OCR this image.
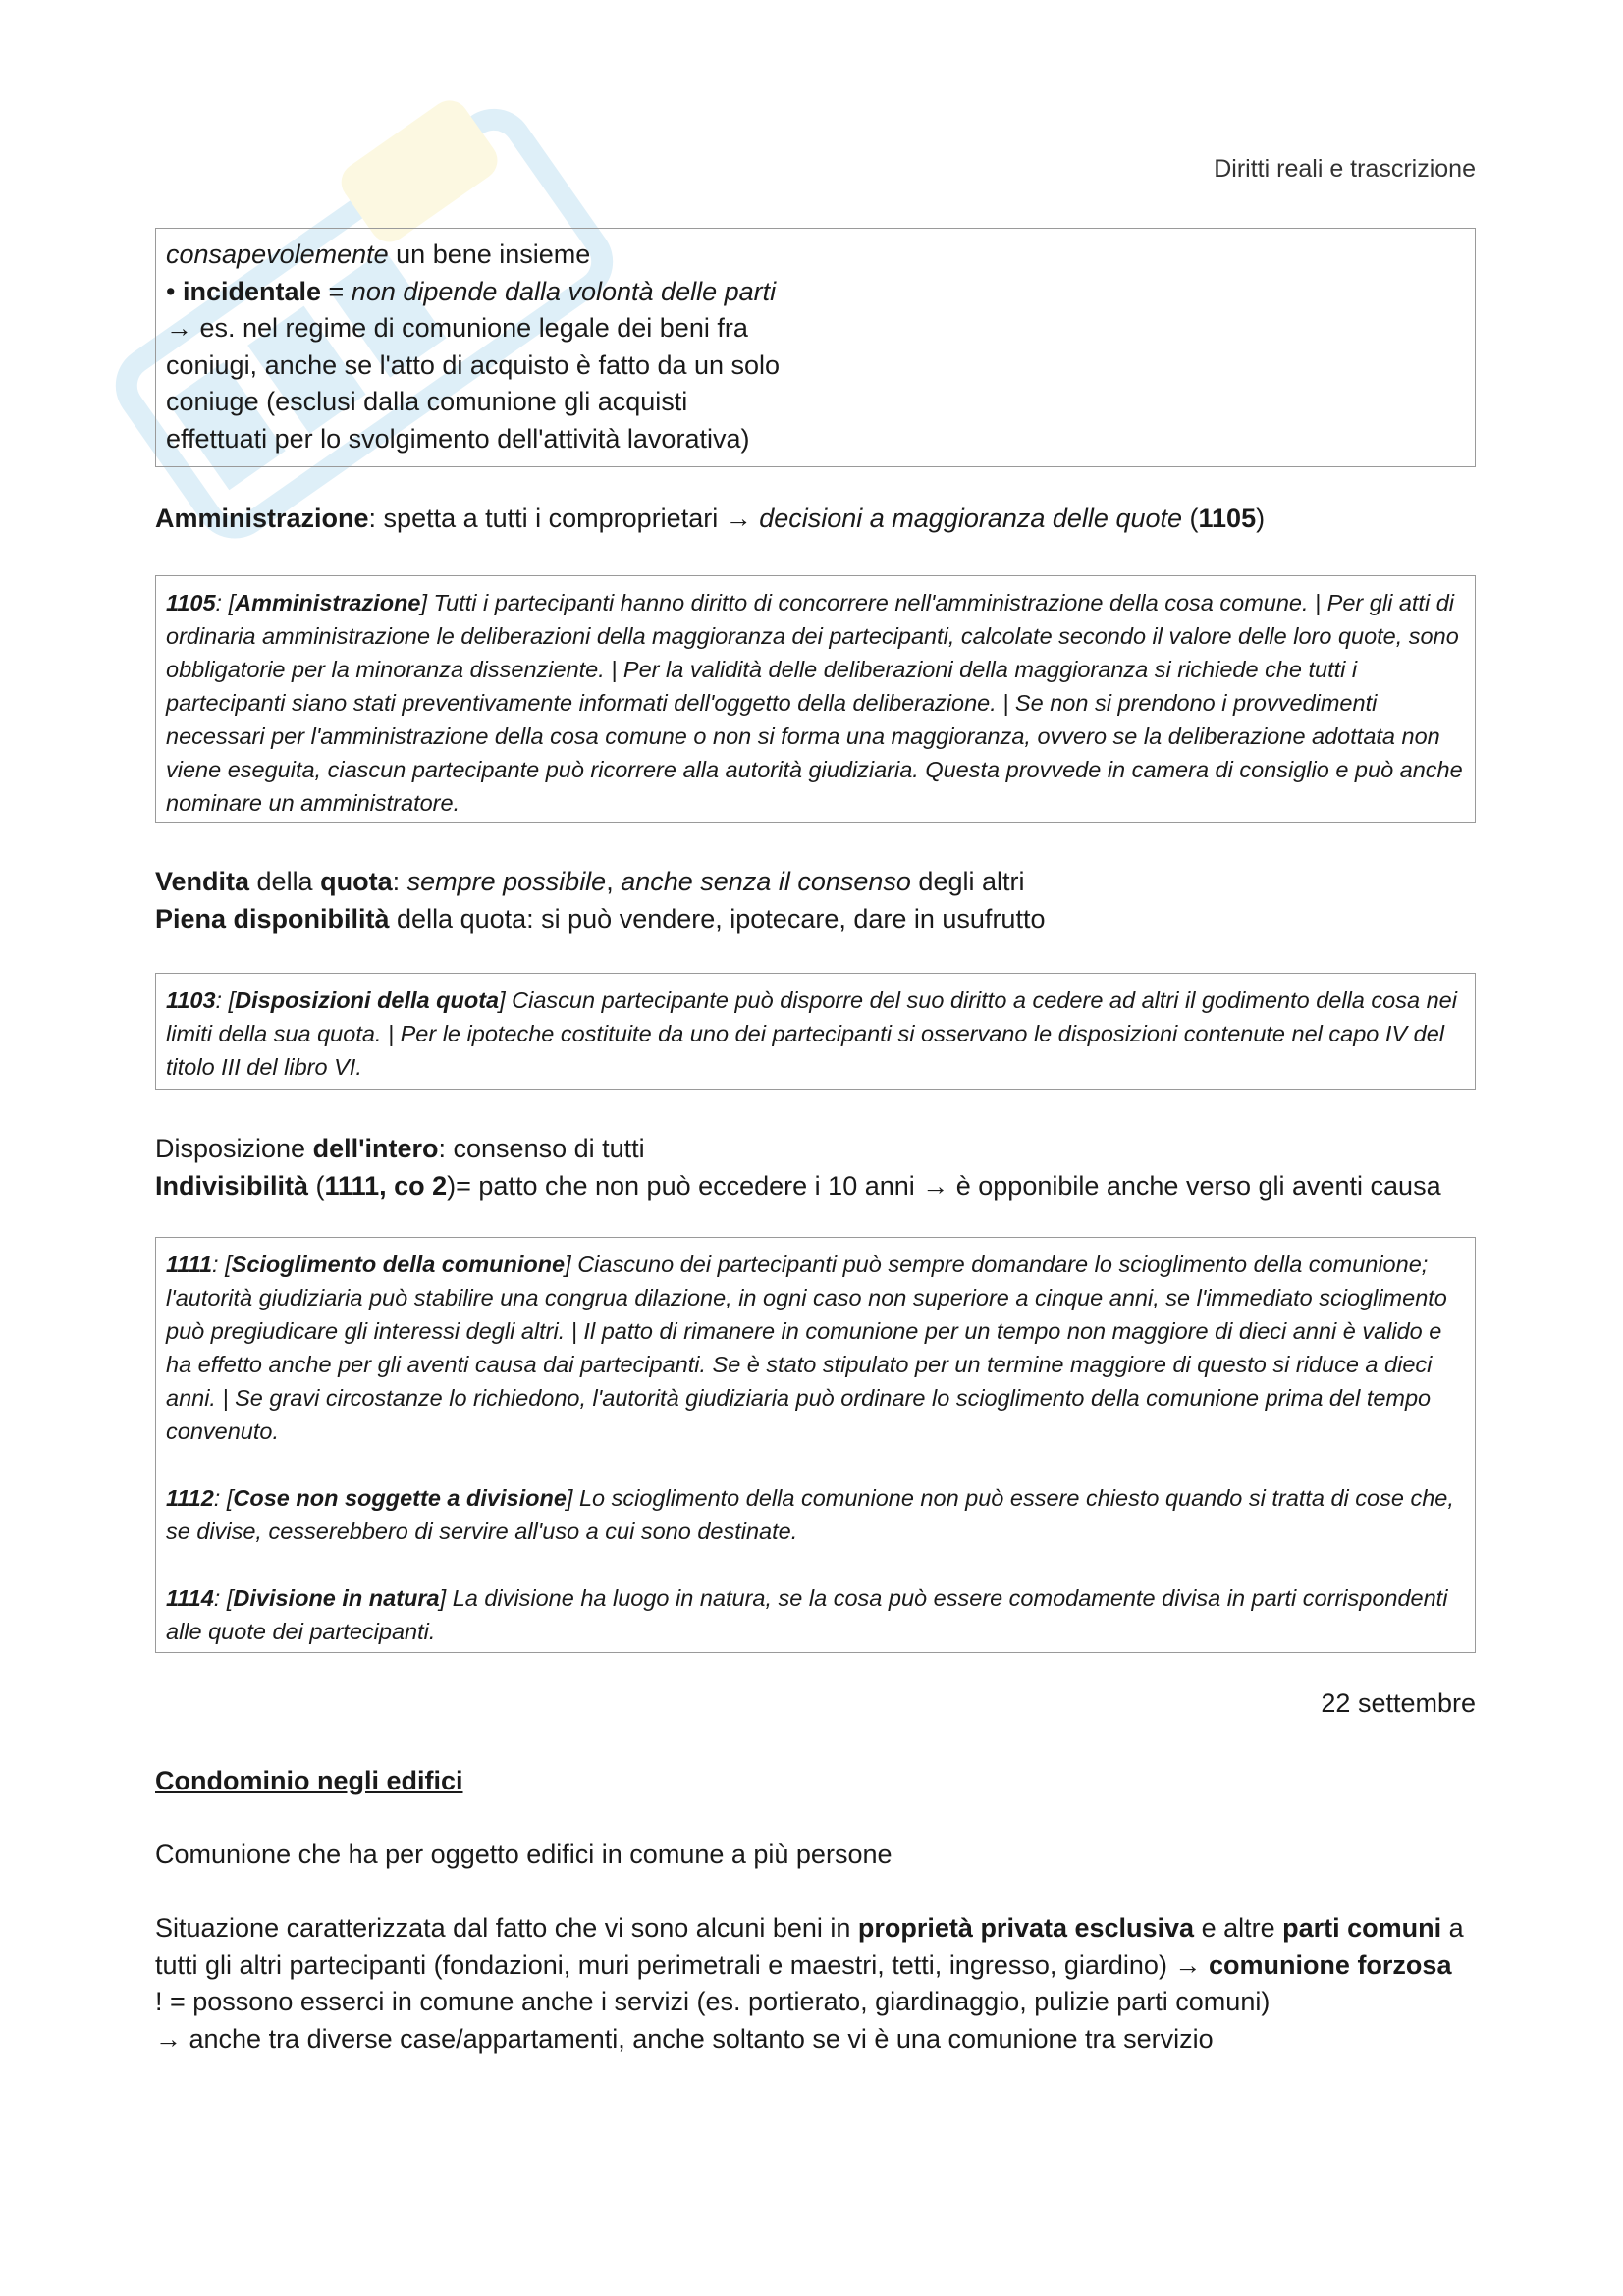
Diritti reali e trascrizione
consapevolemente un bene insieme
• incidentale = non dipende dalla volontà delle parti
→ es. nel regime di comunione legale dei beni fra
coniugi, anche se l'atto di acquisto è fatto da un solo
coniuge (esclusi dalla comunione gli acquisti
effettuati per lo svolgimento dell'attività lavorativa)
Amministrazione: spetta a tutti i comproprietari → decisioni a maggioranza delle quote (1105)
1105: [Amministrazione] Tutti i partecipanti hanno diritto di concorrere nell'amministrazione della cosa comune. | Per gli atti di ordinaria amministrazione le deliberazioni della maggioranza dei partecipanti, calcolate secondo il valore delle loro quote, sono obbligatorie per la minoranza dissenziente. | Per la validità delle deliberazioni della maggioranza si richiede che tutti i partecipanti siano stati preventivamente informati dell'oggetto della deliberazione. | Se non si prendono i provvedimenti necessari per l'amministrazione della cosa comune o non si forma una maggioranza, ovvero se la deliberazione adottata non viene eseguita, ciascun partecipante può ricorrere alla autorità giudiziaria. Questa provvede in camera di consiglio e può anche nominare un amministratore.
Vendita della quota: sempre possibile, anche senza il consenso degli altri
Piena disponibilità della quota: si può vendere, ipotecare, dare in usufrutto
1103: [Disposizioni della quota] Ciascun partecipante può disporre del suo diritto a cedere ad altri il godimento della cosa nei limiti della sua quota. | Per le ipoteche costituite da uno dei partecipanti si osservano le disposizioni contenute nel capo IV del titolo III del libro VI.
Disposizione dell'intero: consenso di tutti
Indivisibilità (1111, co 2)= patto che non può eccedere i 10 anni → è opponibile anche verso gli aventi causa
1111: [Scioglimento della comunione] Ciascuno dei partecipanti può sempre domandare lo scioglimento della comunione; l'autorità giudiziaria può stabilire una congrua dilazione, in ogni caso non superiore a cinque anni, se l'immediato scioglimento può pregiudicare gli interessi degli altri. | Il patto di rimanere in comunione per un tempo non maggiore di dieci anni è valido e ha effetto anche per gli aventi causa dai partecipanti. Se è stato stipulato per un termine maggiore di questo si riduce a dieci anni. | Se gravi circostanze lo richiedono, l'autorità giudiziaria può ordinare lo scioglimento della comunione prima del tempo convenuto.
1112: [Cose non soggette a divisione] Lo scioglimento della comunione non può essere chiesto quando si tratta di cose che, se divise, cesserebbero di servire all'uso a cui sono destinate.
1114: [Divisione in natura] La divisione ha luogo in natura, se la cosa può essere comodamente divisa in parti corrispondenti alle quote dei partecipanti.
22 settembre
Condominio negli edifici
Comunione che ha per oggetto edifici in comune a più persone
Situazione caratterizzata dal fatto che vi sono alcuni beni in proprietà privata esclusiva e altre parti comuni a tutti gli altri partecipanti (fondazioni, muri perimetrali e maestri, tetti, ingresso, giardino) → comunione forzosa
! = possono esserci in comune anche i servizi (es. portierato, giardinaggio, pulizie parti comuni)
→ anche tra diverse case/appartamenti, anche soltanto se vi è una comunione tra servizio
